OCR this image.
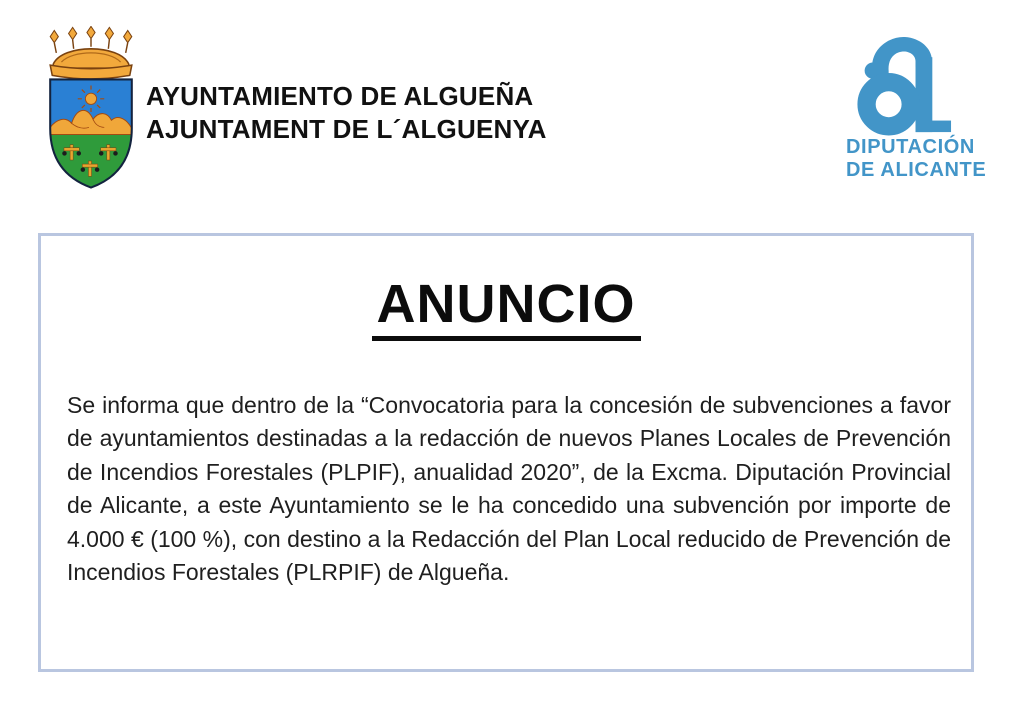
AYUNTAMIENTO DE ALGUEÑA
AJUNTAMENT DE L´ALGUENYA
DIPUTACIÓN
DE ALICANTE
ANUNCIO

Se informa que dentro de la “Convocatoria para la concesión de subvenciones a favor de ayuntamientos destinadas a la redacción de nuevos Planes Locales de Prevención de Incendios Forestales (PLPIF), anualidad 2020”, de la Excma. Diputación Provincial de Alicante, a este Ayuntamiento se le ha concedido una subvención por importe de 4.000 € (100 %), con destino a la Redacción del Plan Local reducido de Prevención de Incendios Forestales (PLRPIF) de Algueña.
